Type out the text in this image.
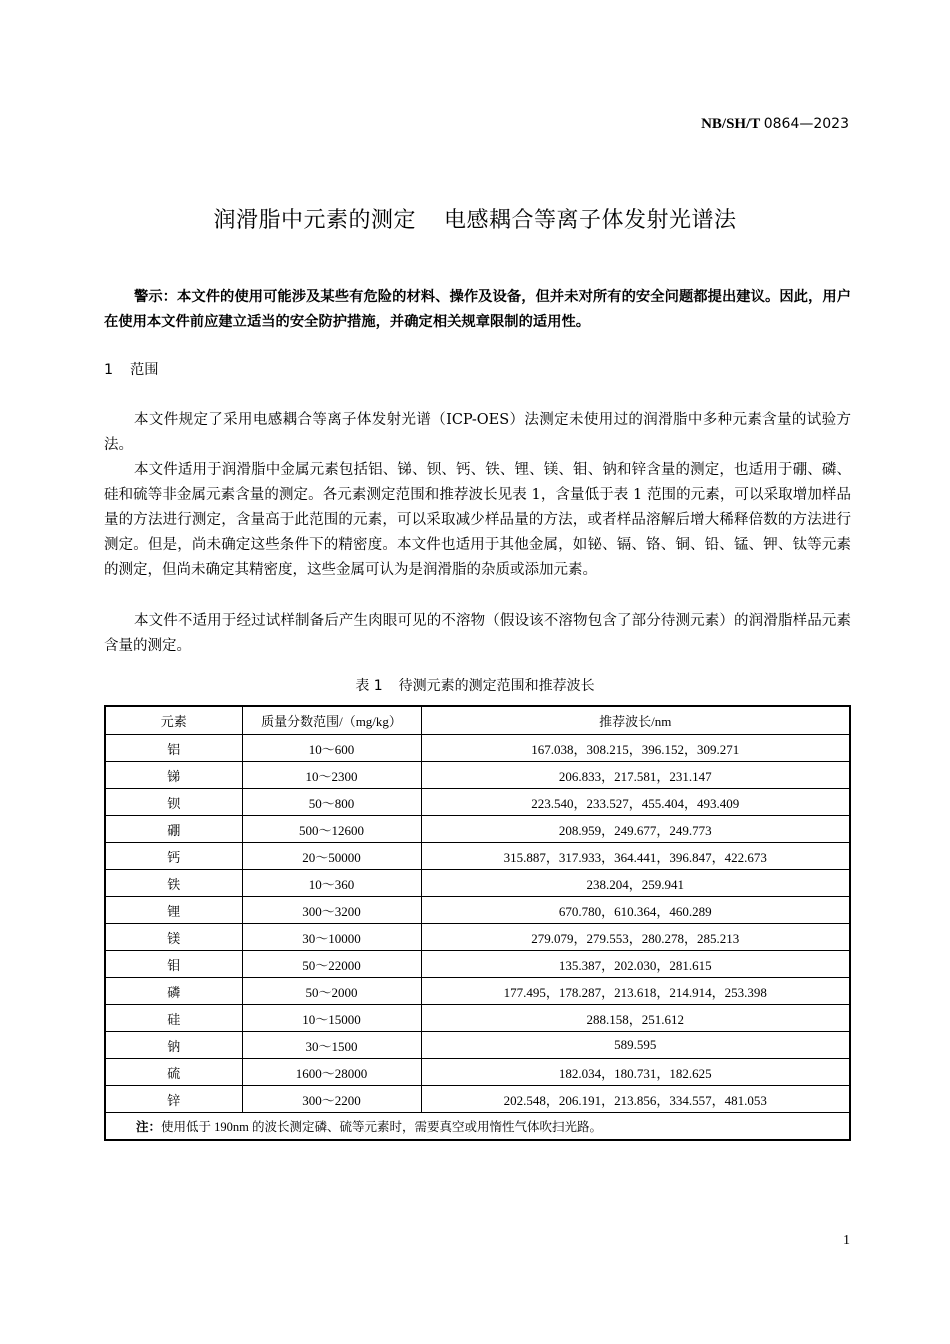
NB/SH/T 0864—2023
润滑脂中元素的测定 电感耦合等离子体发射光谱法
警示：本文件的使用可能涉及某些有危险的材料、操作及设备，但并未对所有的安全问题都提出建议。因此，用户在使用本文件前应建立适当的安全防护措施，并确定相关规章限制的适用性。
1 范围
本文件规定了采用电感耦合等离子体发射光谱（ICP-OES）法测定未使用过的润滑脂中多种元素含量的试验方法。
本文件适用于润滑脂中金属元素包括铝、锑、钡、钙、铁、锂、镁、钼、钠和锌含量的测定，也适用于硼、磷、硅和硫等非金属元素含量的测定。各元素测定范围和推荐波长见表 1，含量低于表 1 范围的元素，可以采取增加样品量的方法进行测定，含量高于此范围的元素，可以采取减少样品量的方法，或者样品溶解后增大稀释倍数的方法进行测定。但是，尚未确定这些条件下的精密度。本文件也适用于其他金属，如铋、镉、铬、铜、铅、锰、钾、钛等元素的测定，但尚未确定其精密度，这些金属可认为是润滑脂的杂质或添加元素。
本文件不适用于经过试样制备后产生肉眼可见的不溶物（假设该不溶物包含了部分待测元素）的润滑脂样品元素含量的测定。
表 1 待测元素的测定范围和推荐波长
元素	质量分数范围/（mg/kg）	推荐波长/nm
铝	10～600	167.038，308.215，396.152，309.271
锑	10～2300	206.833，217.581，231.147
钡	50～800	223.540，233.527，455.404，493.409
硼	500～12600	208.959，249.677，249.773
钙	20～50000	315.887，317.933，364.441，396.847，422.673
铁	10～360	238.204，259.941
锂	300～3200	670.780，610.364，460.289
镁	30～10000	279.079，279.553，280.278，285.213
钼	50～22000	135.387，202.030，281.615
磷	50～2000	177.495，178.287，213.618，214.914，253.398
硅	10～15000	288.158，251.612
钠	30～1500	589.595
硫	1600～28000	182.034，180.731，182.625
锌	300～2200	202.548，206.191，213.856，334.557，481.053
注：使用低于 190nm 的波长测定磷、硫等元素时，需要真空或用惰性气体吹扫光路。		
1
